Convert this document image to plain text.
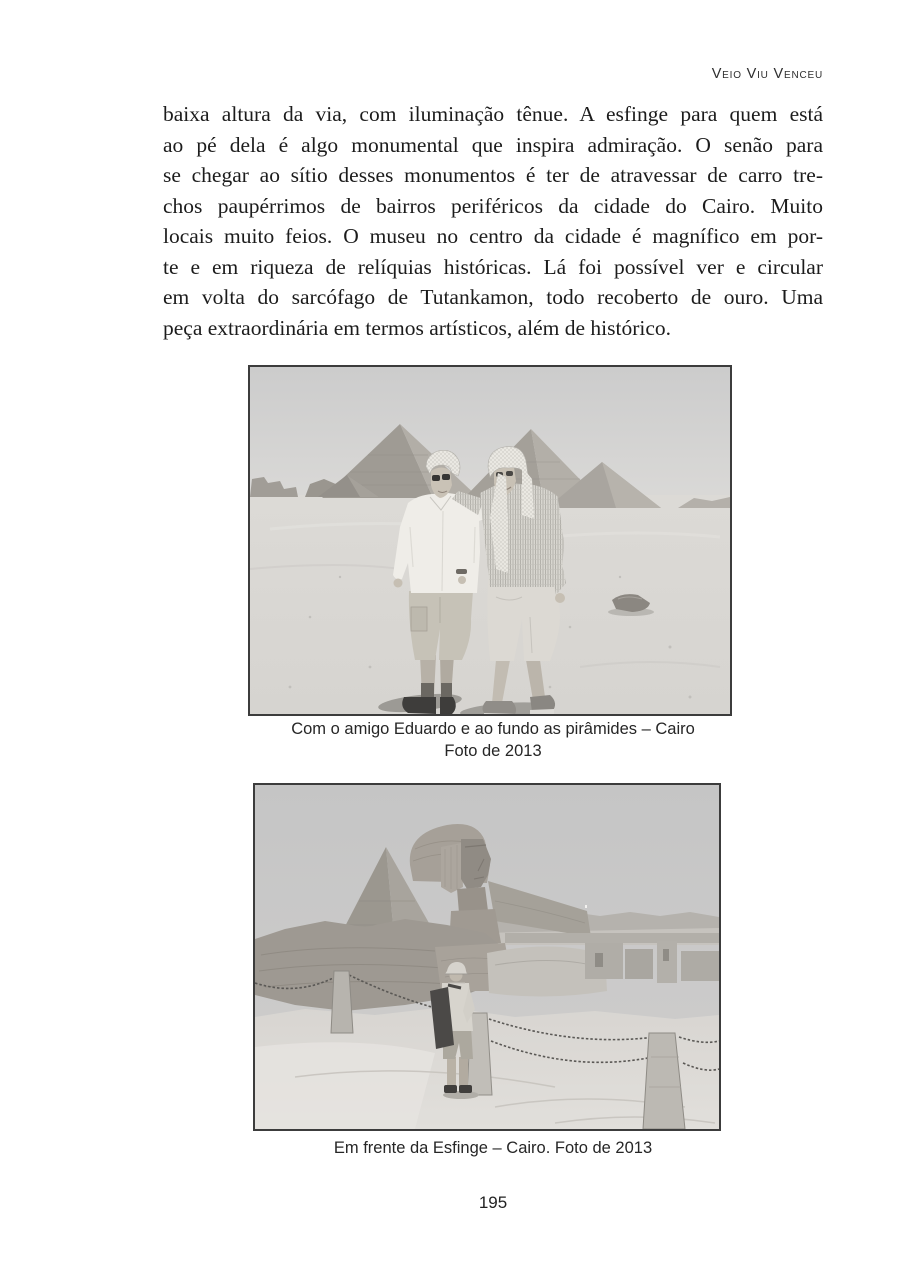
Veio Viu Venceu
baixa altura da via, com iluminação tênue. A esfinge para quem está
ao pé dela é algo monumental que inspira admiração. O senão para
se chegar ao sítio desses monumentos é ter de atravessar de carro tre-
chos paupérrimos de bairros periféricos da cidade do Cairo. Muito
locais muito feios. O museu no centro da cidade é magnífico em por-
te e em riqueza de relíquias históricas. Lá foi possível ver e circular
em volta do sarcófago de Tutankamon, todo recoberto de ouro. Uma
peça extraordinária em termos artísticos, além de histórico.
Com o amigo Eduardo e ao fundo as pirâmides – Cairo
Foto de 2013
Em frente da Esfinge – Cairo. Foto de 2013
195
